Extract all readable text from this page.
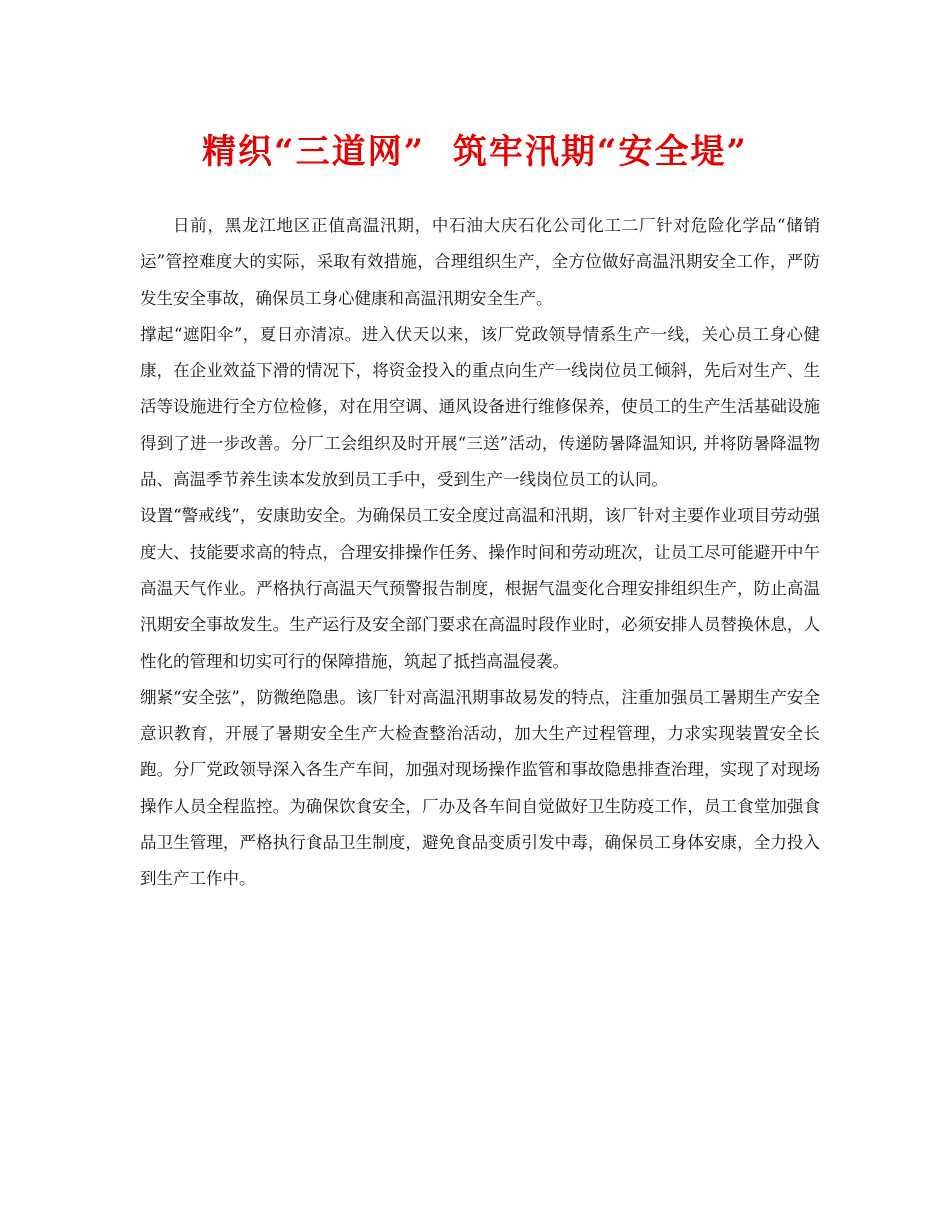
精织“三道网”  筑牢汛期“安全堤”

日前，黑龙江地区正值高温汛期，中石油大庆石化公司化工二厂针对危险化学品“储销运”管控难度大的实际，采取有效措施，合理组织生产，全方位做好高温汛期安全工作，严防发生安全事故，确保员工身心健康和高温汛期安全生产。

撑起“遮阳伞”，夏日亦清凉。进入伏天以来，该厂党政领导情系生产一线，关心员工身心健康，在企业效益下滑的情况下，将资金投入的重点向生产一线岗位员工倾斜，先后对生产、生活等设施进行全方位检修，对在用空调、通风设备进行维修保养，使员工的生产生活基础设施得到了进一步改善。分厂工会组织及时开展“三送”活动，传递防暑降温知识, 并将防暑降温物品、高温季节养生读本发放到员工手中，受到生产一线岗位员工的认同。

设置“警戒线”，安康助安全。为确保员工安全度过高温和汛期，该厂针对主要作业项目劳动强度大、技能要求高的特点，合理安排操作任务、操作时间和劳动班次，让员工尽可能避开中午高温天气作业。严格执行高温天气预警报告制度，根据气温变化合理安排组织生产，防止高温汛期安全事故发生。生产运行及安全部门要求在高温时段作业时，必须安排人员替换休息，人性化的管理和切实可行的保障措施，筑起了抵挡高温侵袭。

绷紧“安全弦”，防微绝隐患。该厂针对高温汛期事故易发的特点，注重加强员工暑期生产安全意识教育，开展了暑期安全生产大检查整治活动，加大生产过程管理，力求实现装置安全长跑。分厂党政领导深入各生产车间，加强对现场操作监管和事故隐患排查治理，实现了对现场操作人员全程监控。为确保饮食安全，厂办及各车间自觉做好卫生防疫工作，员工食堂加强食品卫生管理，严格执行食品卫生制度，避免食品变质引发中毒，确保员工身体安康，全力投入到生产工作中。
